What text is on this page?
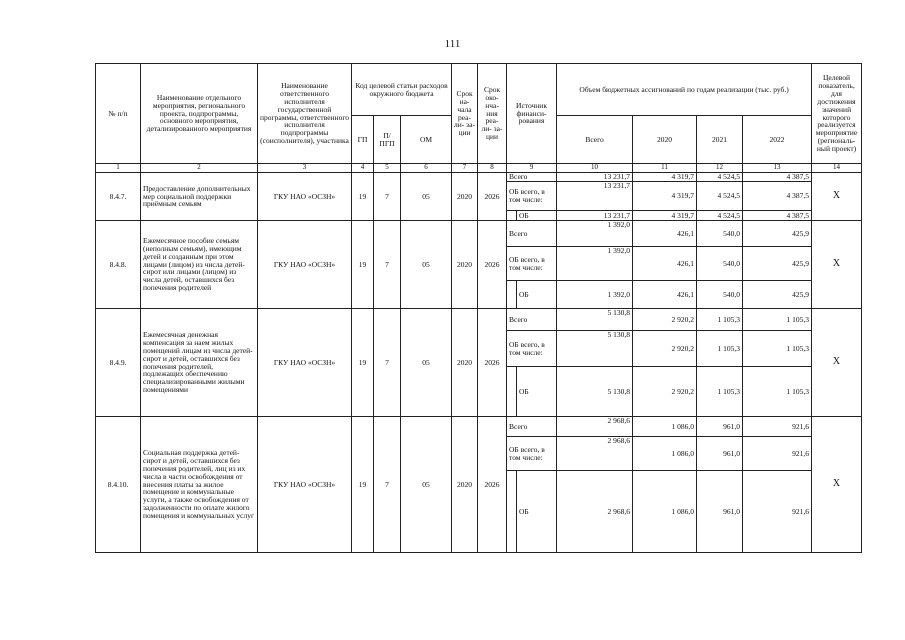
111
№ п/п	Наименование отдельного мероприятия, регионального проекта, подпрограммы, основного мероприятия, детализированного мероприятия	Наименование ответственного исполнителя государственной программы, ответственного исполнителя подпрограммы (соисполнителя), участника	Код целевой статьи расходов окружного бюджета			Срок на- чала реа- ли- за- ции	Срок око- нча- ния реа- ли- за- ции	Источник финанси- рования		Объем бюджетных ассигнований по годам реализации (тыс. руб.)				Целевой показатель, для достижения значений которого реализуется мероприятие (региональ- ный проект)
			ГП	П/ ПГП	ОМ					Всего	2020	2021	2022	
1	2	3	4	5	6	7	8	9		10	11	12	13	14
8.4.7.	Предоставление дополнительных мер социальной поддержки приёмным семьям	ГКУ НАО «ОСЗН»	19	7	05	2020	2026	Всего		13 231,7	4 319,7	4 524,5	4 387,5	X
								ОБ всего, в том числе:		13 231,7	4 319,7	4 524,5	4 387,5	
									ОБ	13 231,7	4 319,7	4 524,5	4 387,5	
8.4.8.	Ежемесячное пособие семьям (неполным семьям), имеющим детей и созданным при этом лицами (лицом) из числа детей-сирот или лицами (лицом) из числа детей, оставшихся без попечения родителей	ГКУ НАО «ОСЗН»	19	7	05	2020	2026	Всего		1 392,0	426,1	540,0	425,9	X
								ОБ всего, в том числе:		1 392,0	426,1	540,0	425,9	
									ОБ	1 392,0	426,1	540,0	425,9	
8.4.9.	Ежемесячная денежная компенсация за наем жилых помещений лицам из числа детей-сирот и детей, оставшихся без попечения родителей, подлежащих обеспечению специализированными жилыми помещениями	ГКУ НАО «ОСЗН»	19	7	05	2020	2026	Всего		5 130,8	2 920,2	1 105,3	1 105,3	X
								ОБ всего, в том числе:		5 130,8	2 920,2	1 105,3	1 105,3	
									ОБ	5 130,8	2 920,2	1 105,3	1 105,3	
8.4.10.	Социальная поддержка детей-сирот и детей, оставшихся без попечения родителей, лиц из их числа в части освобождения от внесения платы за жилое помещение и коммунальные услуги, а также освобождения от задолженности по оплате жилого помещения и коммунальных услуг	ГКУ НАО «ОСЗН»	19	7	05	2020	2026	Всего		2 968,6	1 086,0	961,0	921,6	X
								ОБ всего, в том числе:		2 968,6	1 086,0	961,0	921,6	
									ОБ	2 968,6	1 086,0	961,0	921,6	
